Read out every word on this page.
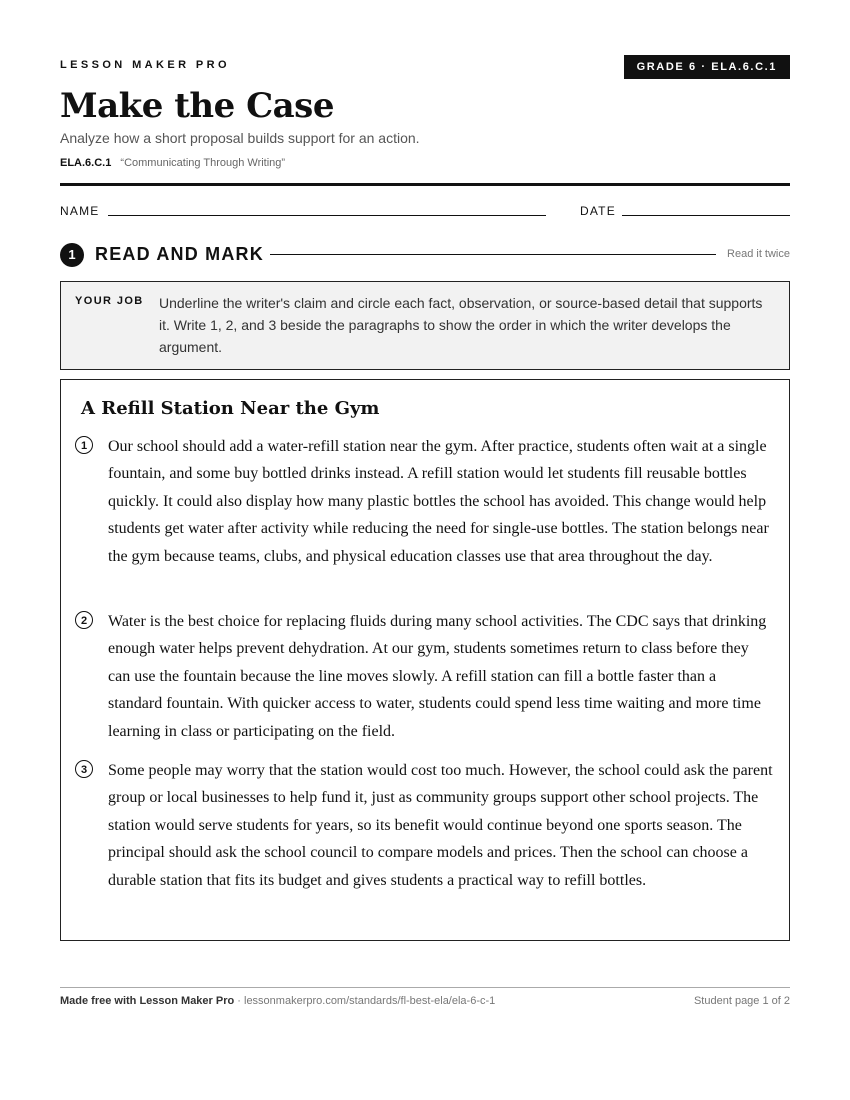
LESSON MAKER PRO	GRADE 6 · ELA.6.C.1
Make the Case
Analyze how a short proposal builds support for an action.
ELA.6.C.1 “Communicating Through Writing”
NAME	DATE
1	READ AND MARK	Read it twice
YOUR JOB Underline the writer's claim and circle each fact, observation, or source-based detail that supports it. Write 1, 2, and 3 beside the paragraphs to show the order in which the writer develops the argument.
A Refill Station Near the Gym
1	Our school should add a water-refill station near the gym. After practice, students often wait at a single fountain, and some buy bottled drinks instead. A refill station would let students fill reusable bottles quickly. It could also display how many plastic bottles the school has avoided. This change would help students get water after activity while reducing the need for single-use bottles. The station belongs near the gym because teams, clubs, and physical education classes use that area throughout the day.

2	Water is the best choice for replacing fluids during many school activities. The CDC says that drinking enough water helps prevent dehydration. At our gym, students sometimes return to class before they can use the fountain because the line moves slowly. A refill station can fill a bottle faster than a standard fountain. With quicker access to water, students could spend less time waiting and more time learning in class or participating on the field.

3	Some people may worry that the station would cost too much. However, the school could ask the parent group or local businesses to help fund it, just as community groups support other school projects. The station would serve students for years, so its benefit would continue beyond one sports season. The principal should ask the school council to compare models and prices. Then the school can choose a durable station that fits its budget and gives students a practical way to refill bottles.

Made free with Lesson Maker Pro · lessonmakerpro.com/standards/fl-best-ela/ela-6-c-1	Student page 1 of 2
